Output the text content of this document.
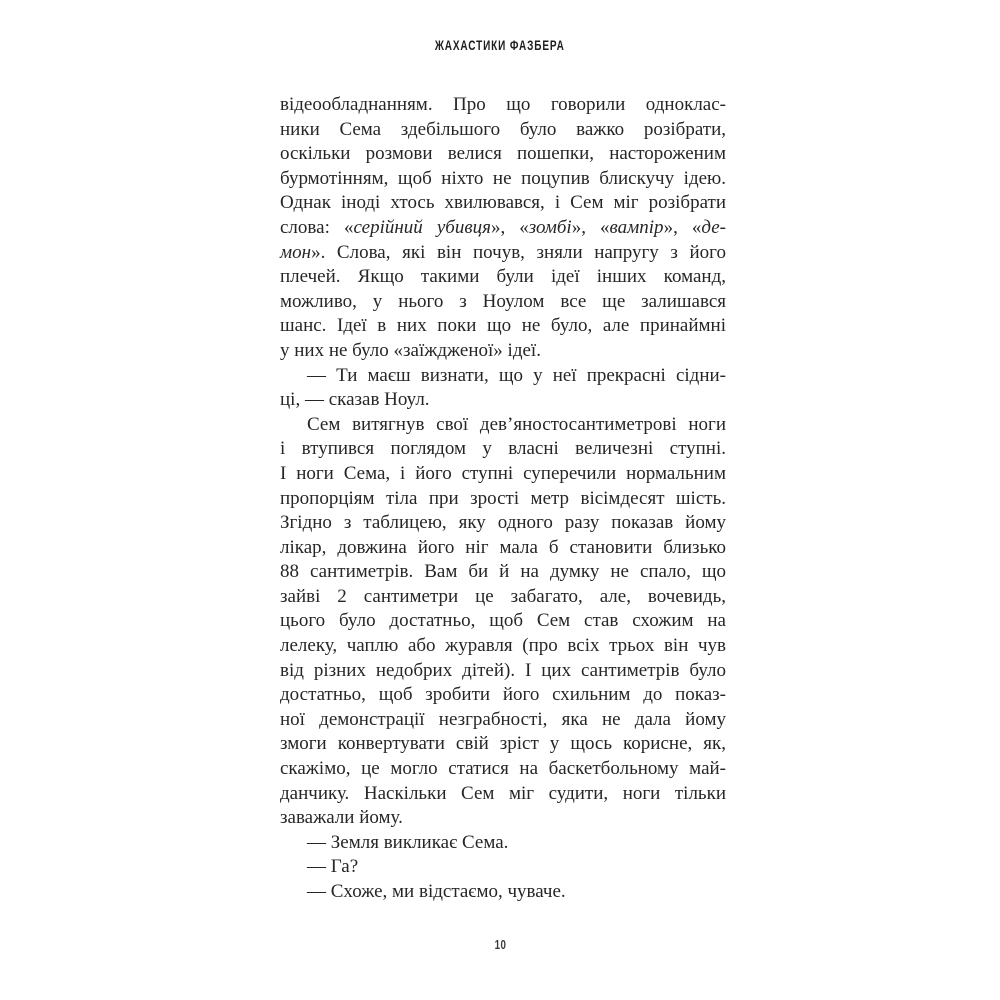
ЖАХАСТИКИ ФАЗБЕРА
відеообладнанням. Про що говорили одноклас-
ники Сема здебільшого було важко розібрати,
оскільки розмови велися пошепки, настороженим
бурмотінням, щоб ніхто не поцупив блискучу ідею.
Однак іноді хтось хвилювався, і Сем міг розібрати
слова: «серійний убивця», «зомбі», «вампір», «де-
мон». Слова, які він почув, зняли напругу з його
плечей. Якщо такими були ідеї інших команд,
можливо, у нього з Ноулом все ще залишався
шанс. Ідеї в них поки що не було, але принаймні
у них не було «заїждженої» ідеї.
— Ти маєш визнати, що у неї прекрасні сідни-
ці, — сказав Ноул.
Сем витягнув свої дев’яностосантиметрові ноги
і втупився поглядом у власні величезні ступні.
І ноги Сема, і його ступні суперечили нормальним
пропорціям тіла при зрості метр вісімдесят шість.
Згідно з таблицею, яку одного разу показав йому
лікар, довжина його ніг мала б становити близько
88 сантиметрів. Вам би й на думку не спало, що
зайві 2 сантиметри це забагато, але, вочевидь,
цього було достатньо, щоб Сем став схожим на
лелеку, чаплю або журавля (про всіх трьох він чув
від різних недобрих дітей). І цих сантиметрів було
достатньо, щоб зробити його схильним до показ-
ної демонстрації незграбності, яка не дала йому
змоги конвертувати свій зріст у щось корисне, як,
скажімо, це могло статися на баскетбольному май-
данчику. Наскільки Сем міг судити, ноги тільки
заважали йому.
— Земля викликає Сема.
— Га?
— Схоже, ми відстаємо, чуваче.
10
